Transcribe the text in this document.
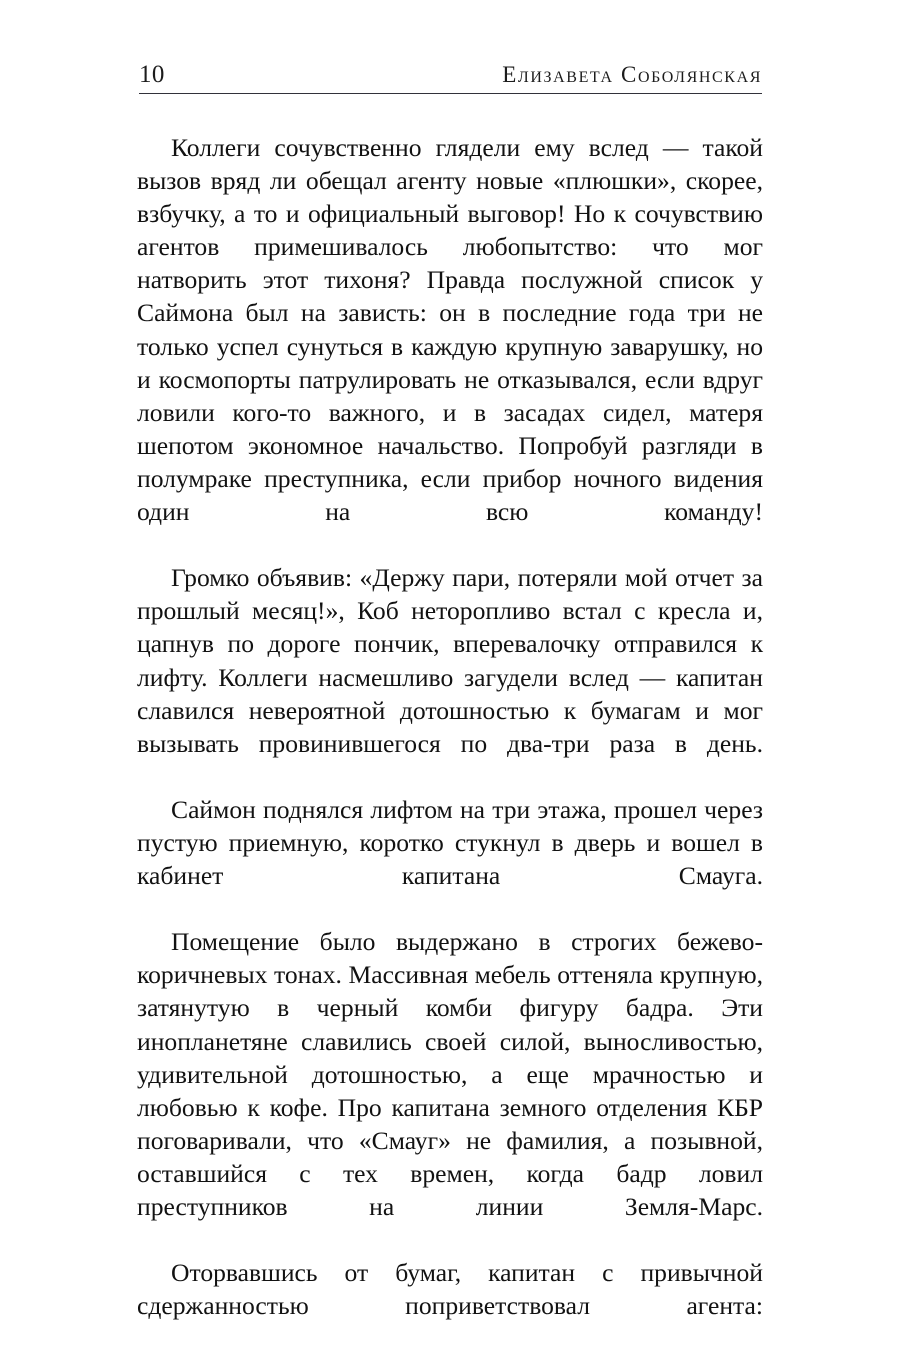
10	Елизавета Соболянская

Коллеги сочувственно глядели ему вслед — такой вызов вряд ли обещал агенту новые «плюшки», скорее, взбучку, а то и официальный выговор! Но к сочувствию агентов примешивалось любопытство: что мог натворить этот тихоня? Правда послужной список у Саймона был на зависть: он в последние года три не только успел сунуться в каждую крупную заварушку, но и космопорты патрулировать не отказывался, если вдруг ловили кого-то важного, и в засадах сидел, матеря шепотом экономное начальство. Попробуй разгляди в полумраке преступника, если прибор ночного видения один на всю команду!

Громко объявив: «Держу пари, потеряли мой отчет за прошлый месяц!», Коб неторопливо встал с кресла и, цапнув по дороге пончик, вперевалочку отправился к лифту. Коллеги насмешливо загудели вслед — капитан славился невероятной дотошностью к бумагам и мог вызывать провинившегося по два-три раза в день.

Саймон поднялся лифтом на три этажа, прошел через пустую приемную, коротко стукнул в дверь и вошел в кабинет капитана Смауга.

Помещение было выдержано в строгих бежево-коричневых тонах. Массивная мебель оттеняла крупную, затянутую в черный комби фигуру бадра. Эти инопланетяне славились своей силой, выносливостью, удивительной дотошностью, а еще мрачностью и любовью к кофе. Про капитана земного отделения КБР поговаривали, что «Смауг» не фамилия, а позывной, оставшийся с тех времен, когда бадр ловил преступников на линии Земля-Марс.

Оторвавшись от бумаг, капитан с привычной сдержанностью поприветствовал агента:
